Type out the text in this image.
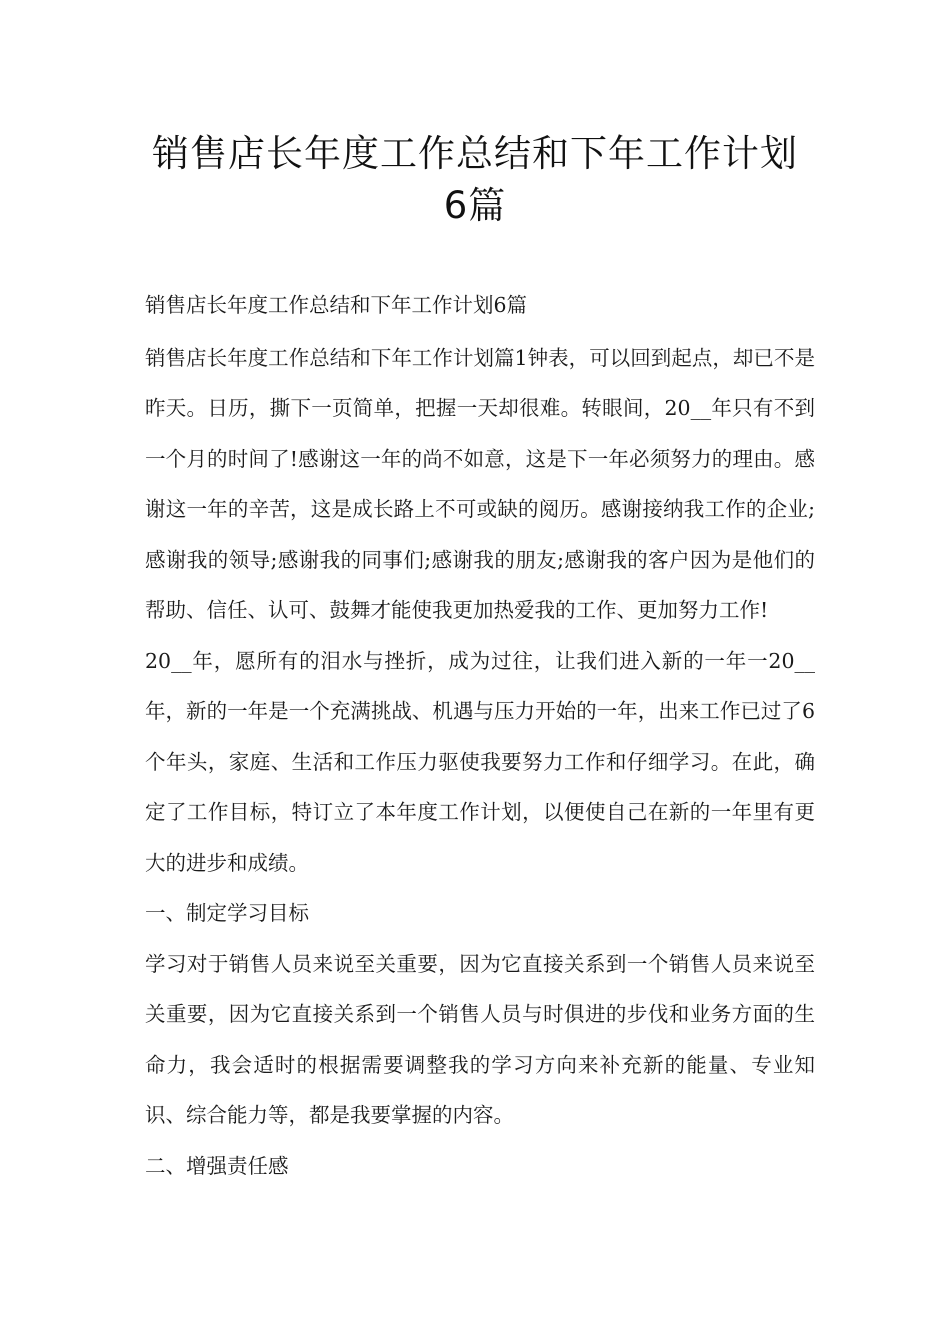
销售店长年度工作总结和下年工作计划
6篇

销售店长年度工作总结和下年工作计划6篇

销售店长年度工作总结和下年工作计划篇1钟表，可以回到起点，却已不是昨天。日历，撕下一页简单，把握一天却很难。转眼间，20__年只有不到一个月的时间了!感谢这一年的尚不如意，这是下一年必须努力的理由。感谢这一年的辛苦，这是成长路上不可或缺的阅历。感谢接纳我工作的企业;感谢我的领导;感谢我的同事们;感谢我的朋友;感谢我的客户因为是他们的帮助、信任、认可、鼓舞才能使我更加热爱我的工作、更加努力工作!

20__年，愿所有的泪水与挫折，成为过往，让我们进入新的一年一20__年，新的一年是一个充满挑战、机遇与压力开始的一年，出来工作已过了6个年头，家庭、生活和工作压力驱使我要努力工作和仔细学习。在此，确定了工作目标，特订立了本年度工作计划，以便使自己在新的一年里有更大的进步和成绩。

一、制定学习目标

学习对于销售人员来说至关重要，因为它直接关系到一个销售人员来说至关重要，因为它直接关系到一个销售人员与时俱进的步伐和业务方面的生命力，我会适时的根据需要调整我的学习方向来补充新的能量、专业知识、综合能力等，都是我要掌握的内容。

二、增强责任感
